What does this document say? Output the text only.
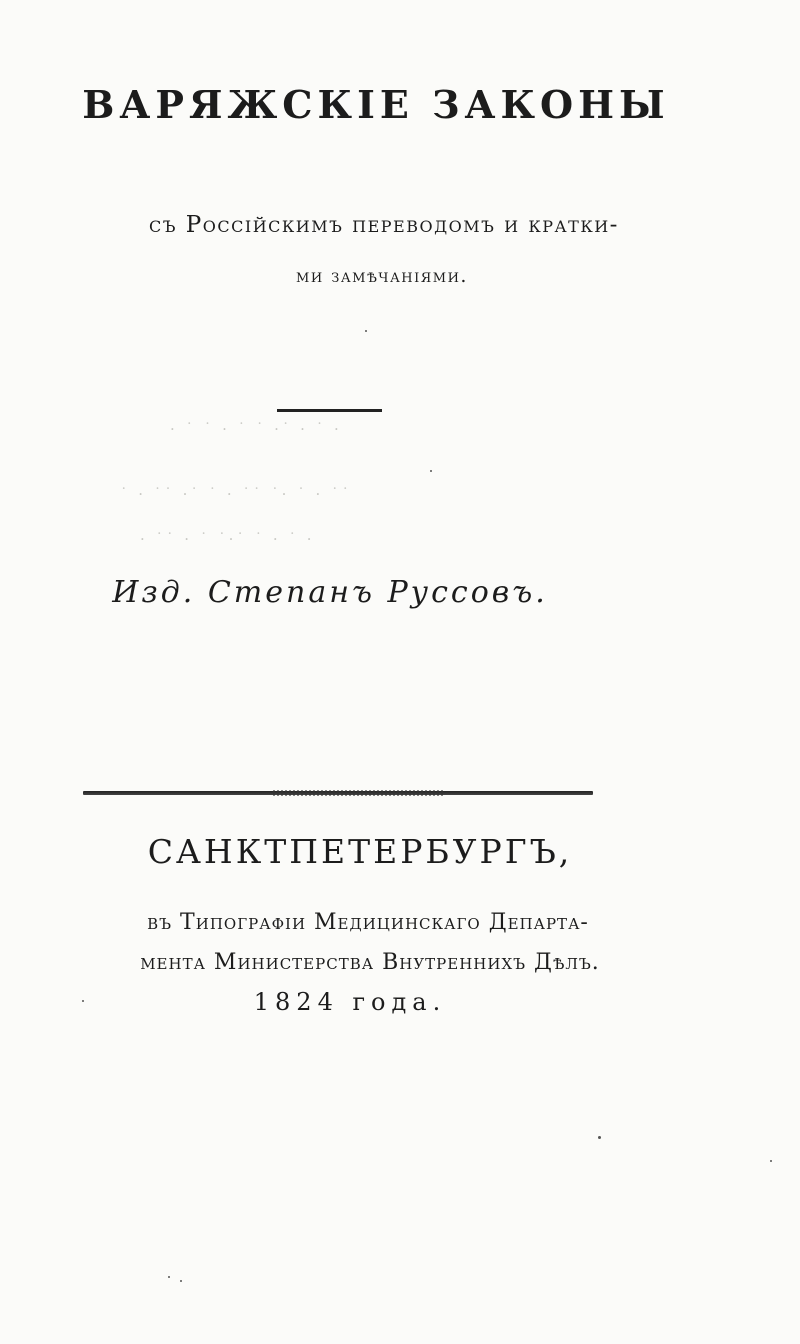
ВАРЯЖСКІЕ ЗАКОНЫ
съ Россійскимъ переводомъ и кратки-
ми замѣчаніями.
· ˙ ˙ · ˙ ˙ ·˙ · ˙ ·
˙ · ˙˙ ·˙ ˙ · ˙˙ ˙· ˙ · ˙˙
· ˙˙ · ˙ ˙·˙ ˙ · ˙ ·
Изд. Степанъ Руссовъ.
САНКТПЕТЕРБУРГЪ,
въ Типографіи Медицинскаго Департа-
мента Министерства Внутреннихъ Дѣлъ.
1824 года.
